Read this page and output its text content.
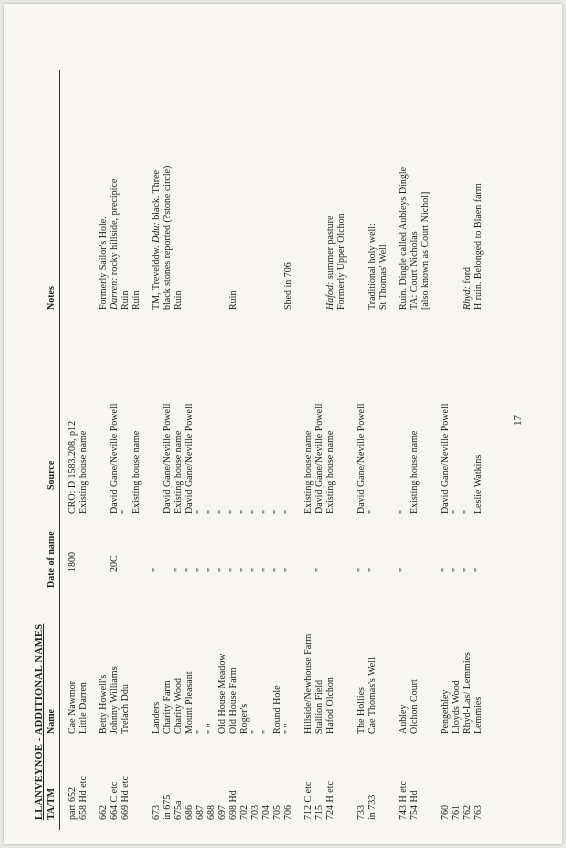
17
LLANVEYNOE - ADDITIONAL NAMES TA/TM
Name
Date of name
Source
Notes
part 652
Cae Nawmor
1800
CRO: D 1583.208, p12
658 Hd etc
Little Darren
Existing house name
662
Betty Howell's
Formerly Sailor's Hole.
664 C etc
Johnny Williams
20C
David Gane/Neville Powell
Darren: rocky hillside, precipice
669 Hd etc
Trelach Ddu
"
Ruin
Existing house name
Ruin
673
Landers
"
TM, Trevelddw. Ddu: black. Three
in 675
Charity Farm
David Gane/Neville Powell
black stones reported (?stone circle)
675a
Charity Wood
"
Existing house name
Ruin
686
Mount Pleasant
"
David Gane/Neville Powell
687
"
"
"
688
" "
"
"
697
Old House Meadow
"
"
698 Hd
Old House Farm
"
"
Ruin
702
Roger's
"
"
703
"
"
"
704
"
"
"
705
Round Hole
"
"
706
" "
"
"
Shed in 706
712 C etc
Hillside/Newhouse Farm
Existing house name
715
Stallion Field
"
David Gane/Neville Powell
724 H etc
Hafod Olchon
Existing house name
Hafod: summer pasture Formerly Upper Olchon
733
The Hollies
"
David Gane/Neville Powell
in 733
Cae Thomas's Well
"
"
Traditional holy well: St Thomas' Well
743 H etc
Aubley
"
"
Ruin. Dingle called Aubleys Dingle
754 Hd
Olchon Court
Existing house name
TA: Court Nicholas [also known as Court Nichol]
760
Pengethley
"
David Gane/Neville Powell
761
Lloyds Wood
"
"
762
Rhyd-Las/ Lemmies
"
"
Rhyd: ford
763
Lemmies
"
Leslie Watkins
H ruin. Belonged to Blaen farm
